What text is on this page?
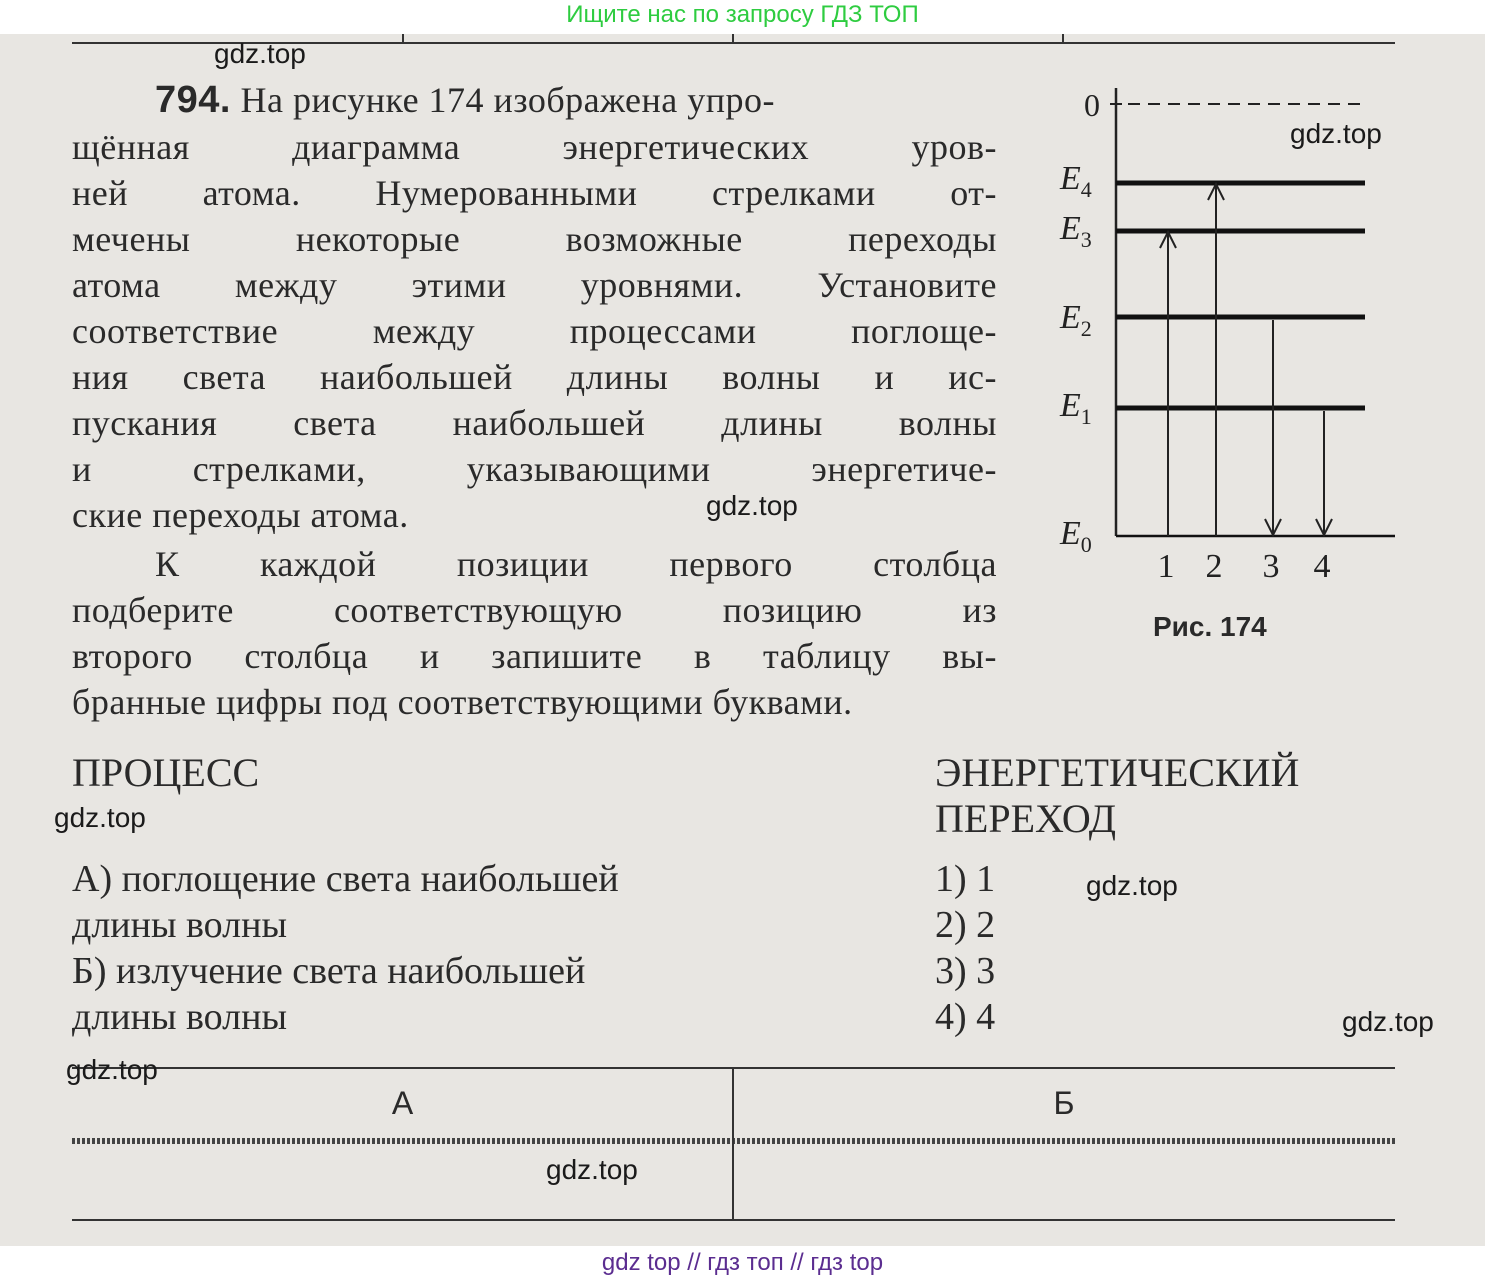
Ищите нас по запросу ГДЗ ТОП
794. На рисунке 174 изображена упро-
щённая	диаграмма	энергетических	уров-
ней атома. Нумерованными стрелками от-
мечены	некоторые	возможные	переходы
атома между этими уровнями. Установите
соответствие	между	процессами	поглоще-
ния света наибольшей длины волны и ис-
пускания света наибольшей длины волны
и	стрелками,	указывающими	энергетиче-
ские переходы атома.
К каждой позиции первого столбца
подберите	соответствующую	позицию	из
второго столбца и запишите в таблицу вы-
бранные цифры под соответствующими буквами.
0
$E_4$
$E_3$
$E_2$
$E_1$
$E_0$
1 2 3 4
Рис. 174
ПРОЦЕСС	ЭНЕРГЕТИЧЕСКИЙ
ПЕРЕХОД
А) поглощение света наибольшей
длины волны
Б) излучение света наибольшей
длины волны
1) 1
2) 2
3) 3
4) 4
А	Б
gdz.top
gdz.top
gdz.top
gdz.top
gdz.top
gdz.top
gdz.top
gdz.top
gdz top // гдз топ // гдз top
